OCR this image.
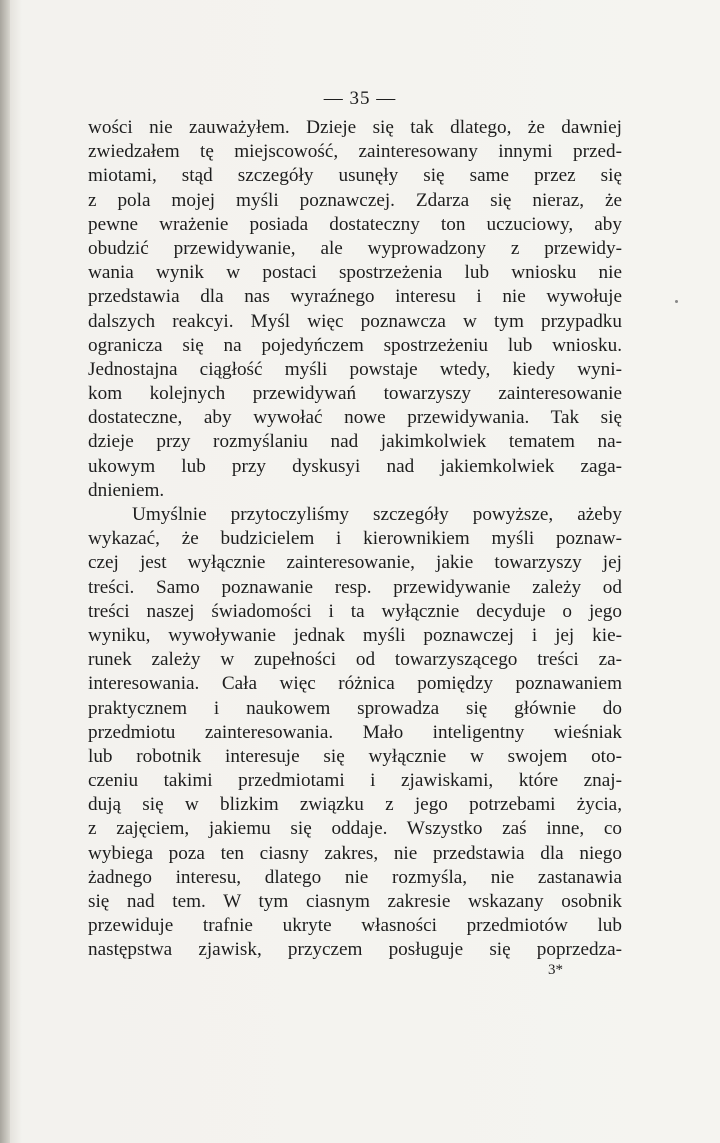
— 35 —
wości nie zauważyłem. Dzieje się tak dlatego, że dawniej
zwiedzałem tę miejscowość, zainteresowany innymi przed-
miotami, stąd szczegóły usunęły się same przez się
z pola mojej myśli poznawczej. Zdarza się nieraz, że
pewne wrażenie posiada dostateczny ton uczuciowy, aby
obudzić przewidywanie, ale wyprowadzony z przewidy-
wania wynik w postaci spostrzeżenia lub wniosku nie
przedstawia dla nas wyraźnego interesu i nie wywołuje
dalszych reakcyi. Myśl więc poznawcza w tym przypadku
ogranicza się na pojedyńczem spostrzeżeniu lub wniosku.
Jednostajna ciągłość myśli powstaje wtedy, kiedy wyni-
kom kolejnych przewidywań towarzyszy zainteresowanie
dostateczne, aby wywołać nowe przewidywania. Tak się
dzieje przy rozmyślaniu nad jakimkolwiek tematem na-
ukowym lub przy dyskusyi nad jakiemkolwiek zaga-
dnieniem.
Umyślnie przytoczyliśmy szczegóły powyższe, ażeby
wykazać, że budzicielem i kierownikiem myśli poznaw-
czej jest wyłącznie zainteresowanie, jakie towarzyszy jej
treści. Samo poznawanie resp. przewidywanie zależy od
treści naszej świadomości i ta wyłącznie decyduje o jego
wyniku, wywoływanie jednak myśli poznawczej i jej kie-
runek zależy w zupełności od towarzyszącego treści za-
interesowania. Cała więc różnica pomiędzy poznawaniem
praktycznem i naukowem sprowadza się głównie do
przedmiotu zainteresowania. Mało inteligentny wieśniak
lub robotnik interesuje się wyłącznie w swojem oto-
czeniu takimi przedmiotami i zjawiskami, które znaj-
dują się w blizkim związku z jego potrzebami życia,
z zajęciem, jakiemu się oddaje. Wszystko zaś inne, co
wybiega poza ten ciasny zakres, nie przedstawia dla niego
żadnego interesu, dlatego nie rozmyśla, nie zastanawia
się nad tem. W tym ciasnym zakresie wskazany osobnik
przewiduje trafnie ukryte własności przedmiotów lub
następstwa zjawisk, przyczem posługuje się poprzedza-
3*
